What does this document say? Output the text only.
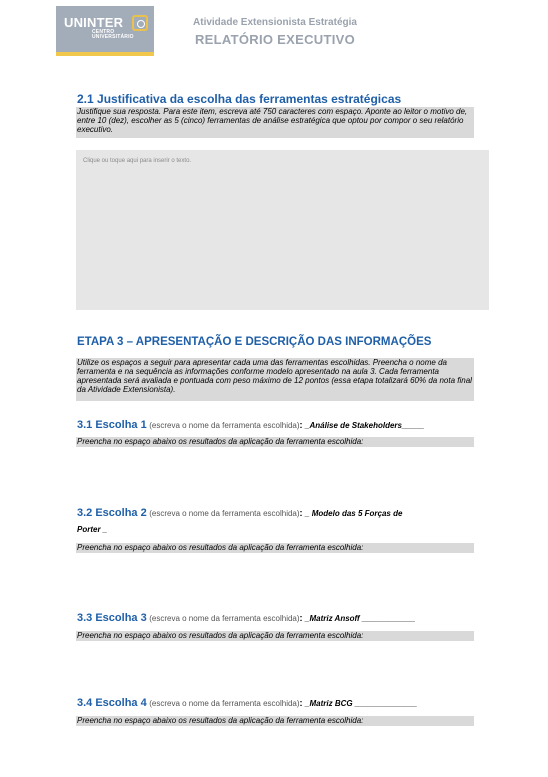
UNINTER
CENTRO
UNIVERSITÁRIO
Atividade Extensionista Estratégia
RELATÓRIO EXECUTIVO
2.1 Justificativa da escolha das ferramentas estratégicas
Justifique sua resposta. Para este item, escreva até 750 caracteres com espaço. Aponte ao leitor o motivo de, entre 10 (dez), escolher as 5 (cinco) ferramentas de análise estratégica que optou por compor o seu relatório executivo.
Clique ou toque aqui para inserir o texto.
ETAPA 3 – APRESENTAÇÃO E DESCRIÇÃO DAS INFORMAÇÕES
Utilize os espaços a seguir para apresentar cada uma das ferramentas escolhidas. Preencha o nome da ferramenta e na sequência as informações conforme modelo apresentado na aula 3. Cada ferramenta apresentada será avaliada e pontuada com peso máximo de 12 pontos (essa etapa totalizará 60% da nota final da Atividade Extensionista).
3.1 Escolha 1 (escreva o nome da ferramenta escolhida): _Análise de Stakeholders_____
Preencha no espaço abaixo os resultados da aplicação da ferramenta escolhida:
3.2 Escolha 2 (escreva o nome da ferramenta escolhida): _ Modelo das 5 Forças de
Porter _
Preencha no espaço abaixo os resultados da aplicação da ferramenta escolhida:
3.3 Escolha 3 (escreva o nome da ferramenta escolhida): _Matriz Ansoff ____________
Preencha no espaço abaixo os resultados da aplicação da ferramenta escolhida:
3.4 Escolha 4 (escreva o nome da ferramenta escolhida): _Matriz BCG ______________
Preencha no espaço abaixo os resultados da aplicação da ferramenta escolhida:
